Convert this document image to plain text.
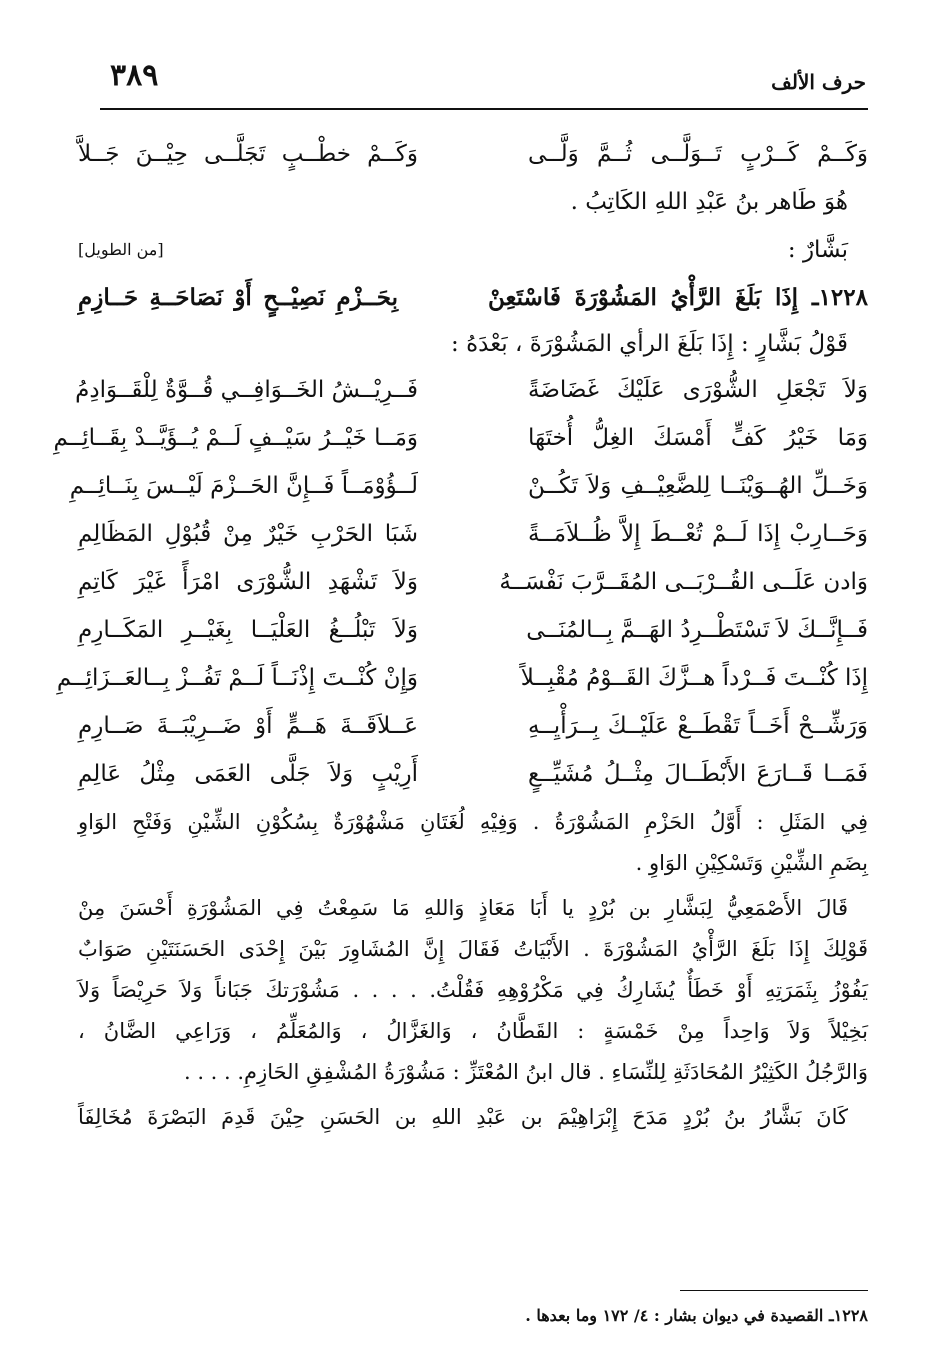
حرف الألف
٣٨٩
وَكَــمْ كَــرْبٍ تَــوَلَّــى ثُــمَّ وَلَّــى
وَكَــمْ خطْــبٍ تَجَلَّــى حِيْــنَ جَــلاَّ
هُوَ طَاهر بنُ عَبْدِ اللهِ الكَاتِبُ .
بَشَّارٌ :
[من الطويل]
١٢٢٨ـ إِذَا بَلَغَ الرَّأْيُ المَشُوْرَةَ فَاسْتَعِنْ
بِحَــزْمِ نَصِيْــحٍ أَوْ نَصَاحَــةِ حَــازِمِ
قَوْلُ بَشَّارٍ : إِذَا بَلَغَ الرأي المَشُوْرَةَ ، بَعْدَهُ :
وَلاَ تَجْعَلِ الشُّوْرَى عَلَيْكَ غَضَاضَةً
فَــرِيْــشُ الخَــوَافِــي قُــوَّةٌ لِلْقَــوَادِمُ
وَمَا خَيْرُ كَفٍّ أَمْسَكَ الغِلُّ أُختَهَا
وَمَــا خَيْــرُ سَيْــفٍ لَــمْ يُــؤَيَّــدْ بِقَــائِــمِ
وَخَــلِّ الهُــوَيْنَــا لِلضَّعِيْــفِ وَلاَ تَكُــنْ
لَــؤُوْمَــاً فَــإِنَّ الحَــزْمَ لَيْــسَ بِنَــائِــمِ
وَحَــارِبْ إِذَا لَــمْ تُعْــطَ إِلاَّ ظُــلاَمَــةً
شَبَا الحَرْبِ خَيْرٌ مِنْ قُبُوْلِ المَظَالِمِ
وَادن عَلَــى القُــرْبَــى المُقَــرَّبَ نَفْسَــهُ
وَلاَ تَشْهَدِ الشُّوْرَى امْرَأً غَيْرَ كَاتِمِ
فَــإِنَّــكَ لاَ تَسْتَطْــرِدُ الهَــمَّ بِــالمُنَــى
وَلاَ تَبْلُــغُ العَلْيَــا بِغَيْــرِ المَكَــارِمِ
إِذَا كُنْــتَ فَــرْداً هــزَّكَ القَــوْمُ مُقْبِــلاً
وَإِنْ كُنْــتَ إِذْنَــاً لَــمْ تَفُــزْ بِــالعَــزَائِــمِ
وَرَشِّــحْ أَخَــاً تَقْطَــعْ عَلَيْــكَ بِــرَأْيِــهِ
عَــلاَقَــةَ هَــمٍّ أَوْ ضَــرِيْبَــةَ صَــارِمِ
فَمَــا قَــارَعَ الأَبْطَــالَ مِثْــلُ مُشَيِّــعٍ
أَرِيْبٍ وَلاَ جَلَّى العَمَى مِثْلُ عَالِمِ
فِي المَثَلِ : أَوَّلُ الحَزْمِ المَشُوْرَةُ . وَفِيْهِ لُغَتَانِ مَشْهُوْرَةٌ بِسُكُوْنِ الشِّيْنِ وَفَتْحِ الوَاوِ
بِضَمِ الشِّيْنِ وَتَسْكِيْنِ الوَاوِ .
قَالَ الأَصْمَعِيُّ لِبَشَّارِ بن بُرْدٍ يا أَبَا مَعَاذٍ وَاللهِ مَا سَمِعْتُ فِي المَشُوْرَةِ أَحْسَنَ مِنْ
قَوْلِكَ إِذَا بَلَغَ الرَّأْيُ المَشُوْرَةَ . الأَبْيَاتُ فَقَالَ إِنَّ المُشَاوِرَ بَيْنَ إِحْدَى الحَسَنَتَيْنِ صَوَابٌ
يَفُوْزُ بِثَمَرَتِهِ أَوْ خَطَأٌ يُشَارِكُ فِي مَكْرُوْهِهِ فَقُلْتُ. . . . . مَشُوْرَتكَ جَبَاناً وَلاَ حَرِيْصَاً وَلاَ
بَخِيْلاً وَلاَ وَاحِداً مِنْ خَمْسَةٍ : القَطَّانُ ، وَالغَزَّالُ ، وَالمُعَلِّمُ ، وَرَاعِي الضَّانُ ،
وَالرَّجُلُ الكَثِيْرُ المُحَادَثَةِ لِلنِّسَاءِ . قال ابنُ المُعْتَزِّ : مَشُوْرَةُ المُشْفِقِ الحَازِمِ. . . . .
كَانَ بَشَّارُ بنُ بُرْدٍ مَدَحَ إِبْرَاهِيْمَ بن عَبْدِ اللهِ بن الحَسَنِ حِيْنَ قَدِمَ البَصْرَةَ مُخَالِفَاً
١٢٢٨ـ القصيدة في ديوان بشار : ٤/ ١٧٢ وما بعدها .
